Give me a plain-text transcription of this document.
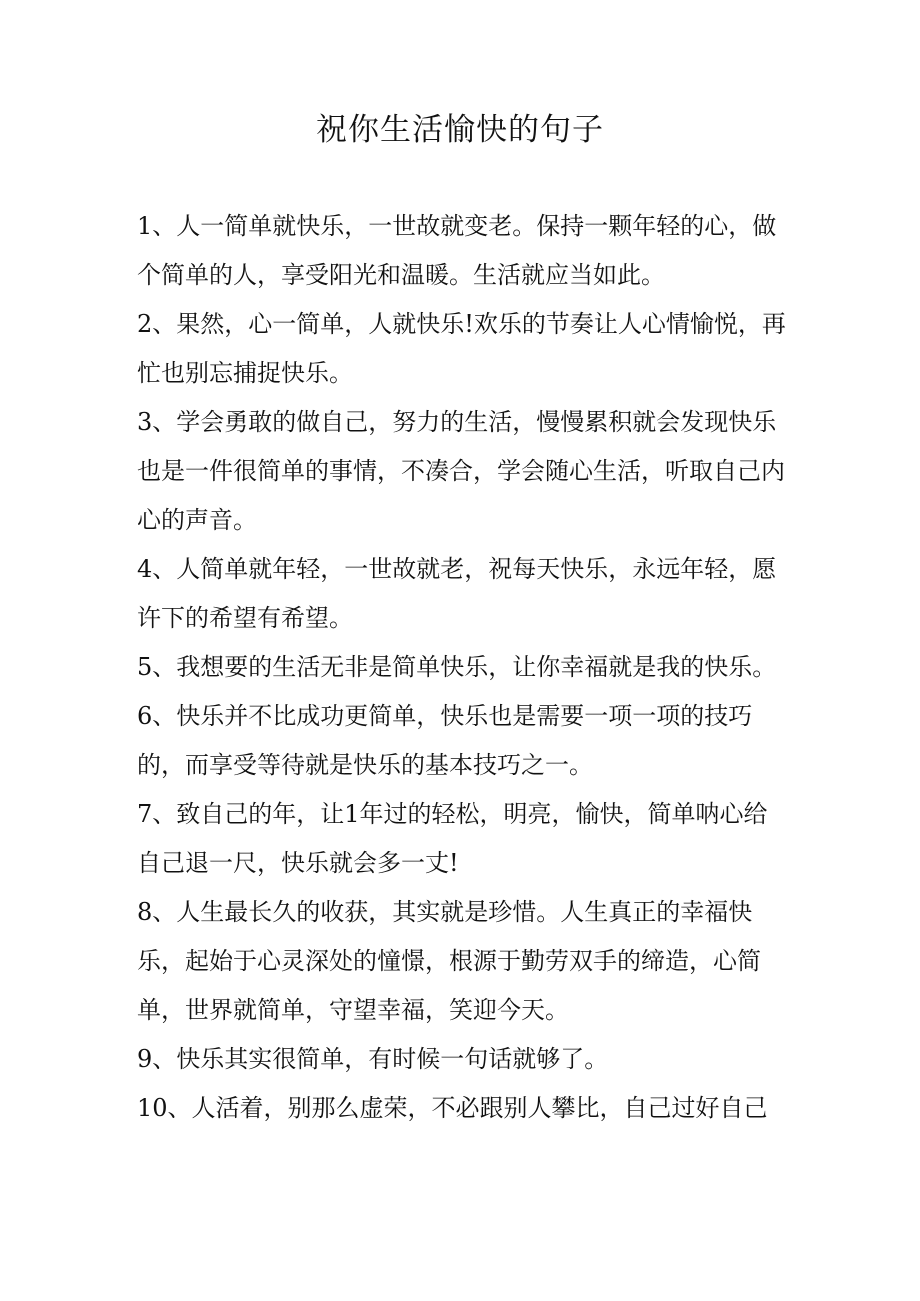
祝你生活愉快的句子

1、人一简单就快乐，一世故就变老。保持一颗年轻的心，做个简单的人，享受阳光和温暖。生活就应当如此。

2、果然，心一简单，人就快乐!欢乐的节奏让人心情愉悦，再忙也别忘捕捉快乐。

3、学会勇敢的做自己，努力的生活，慢慢累积就会发现快乐也是一件很简单的事情，不凑合，学会随心生活，听取自己内心的声音。

4、人简单就年轻，一世故就老，祝每天快乐，永远年轻，愿许下的希望有希望。

5、我想要的生活无非是简单快乐，让你幸福就是我的快乐。

6、快乐并不比成功更简单，快乐也是需要一项一项的技巧的，而享受等待就是快乐的基本技巧之一。

7、致自己的年，让1年过的轻松，明亮，愉快，简单呐心给自己退一尺，快乐就会多一丈!

8、人生最长久的收获，其实就是珍惜。人生真正的幸福快乐，起始于心灵深处的憧憬，根源于勤劳双手的缔造，心简单，世界就简单，守望幸福，笑迎今天。

9、快乐其实很简单，有时候一句话就够了。

10、人活着，别那么虚荣，不必跟别人攀比，自己过好自己
